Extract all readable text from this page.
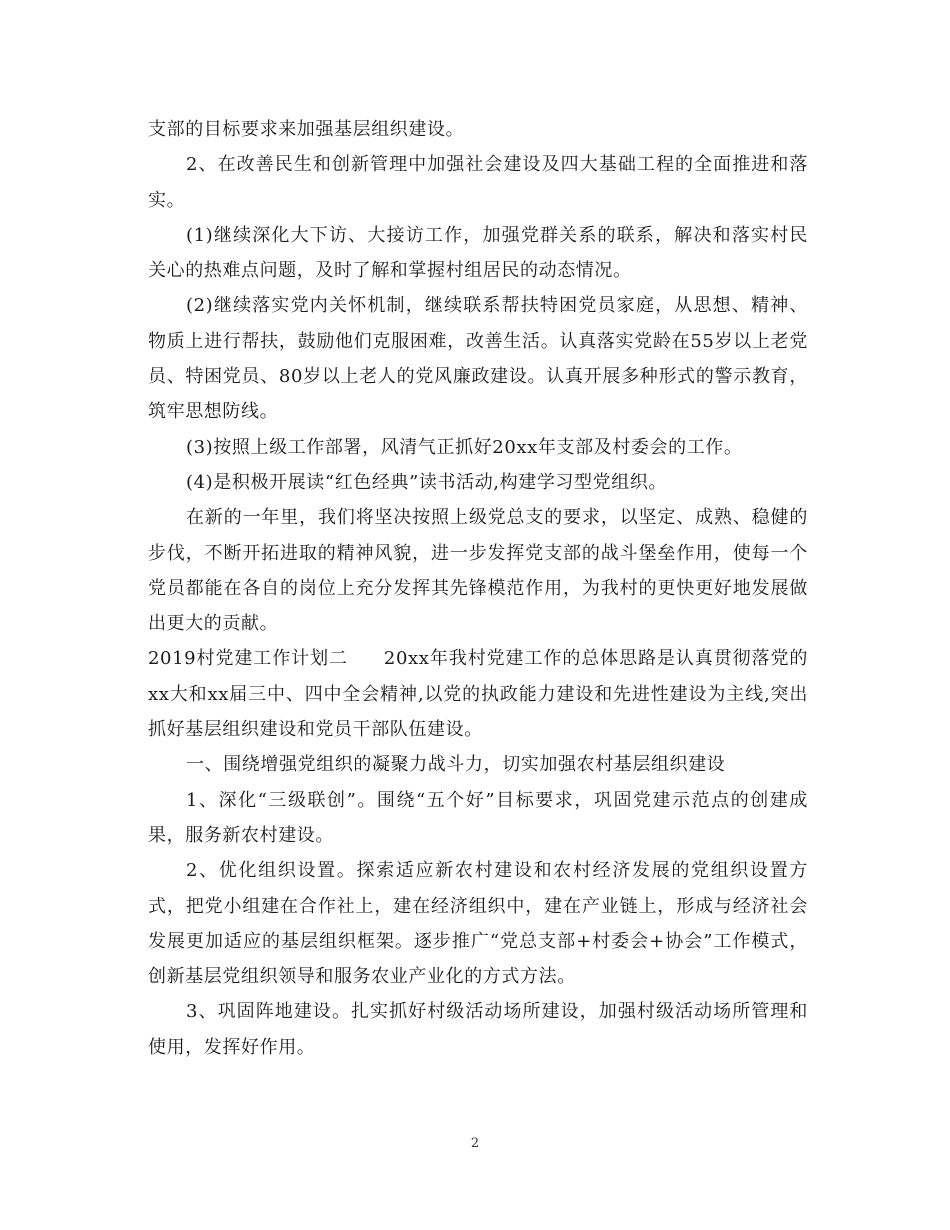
支部的目标要求来加强基层组织建设。

2、在改善民生和创新管理中加强社会建设及四大基础工程的全面推进和落实。

(1)继续深化大下访、大接访工作，加强党群关系的联系，解决和落实村民关心的热难点问题，及时了解和掌握村组居民的动态情况。

(2)继续落实党内关怀机制，继续联系帮扶特困党员家庭，从思想、精神、物质上进行帮扶，鼓励他们克服困难，改善生活。认真落实党龄在55岁以上老党员、特困党员、80岁以上老人的党风廉政建设。认真开展多种形式的警示教育，筑牢思想防线。

(3)按照上级工作部署，风清气正抓好20xx年支部及村委会的工作。

(4)是积极开展读“红色经典”读书活动,构建学习型党组织。

在新的一年里，我们将坚决按照上级党总支的要求，以坚定、成熟、稳健的步伐，不断开拓进取的精神风貌，进一步发挥党支部的战斗堡垒作用，使每一个党员都能在各自的岗位上充分发挥其先锋模范作用，为我村的更快更好地发展做出更大的贡献。

2019村党建工作计划二 20xx年我村党建工作的总体思路是认真贯彻落党的xx大和xx届三中、四中全会精神,以党的执政能力建设和先进性建设为主线,突出抓好基层组织建设和党员干部队伍建设。

一、围绕增强党组织的凝聚力战斗力，切实加强农村基层组织建设

1、深化“三级联创”。围绕“五个好”目标要求，巩固党建示范点的创建成果，服务新农村建设。

2、优化组织设置。探索适应新农村建设和农村经济发展的党组织设置方式，把党小组建在合作社上，建在经济组织中，建在产业链上，形成与经济社会发展更加适应的基层组织框架。逐步推广“党总支部+村委会+协会”工作模式，创新基层党组织领导和服务农业产业化的方式方法。

3、巩固阵地建设。扎实抓好村级活动场所建设，加强村级活动场所管理和使用，发挥好作用。

2
